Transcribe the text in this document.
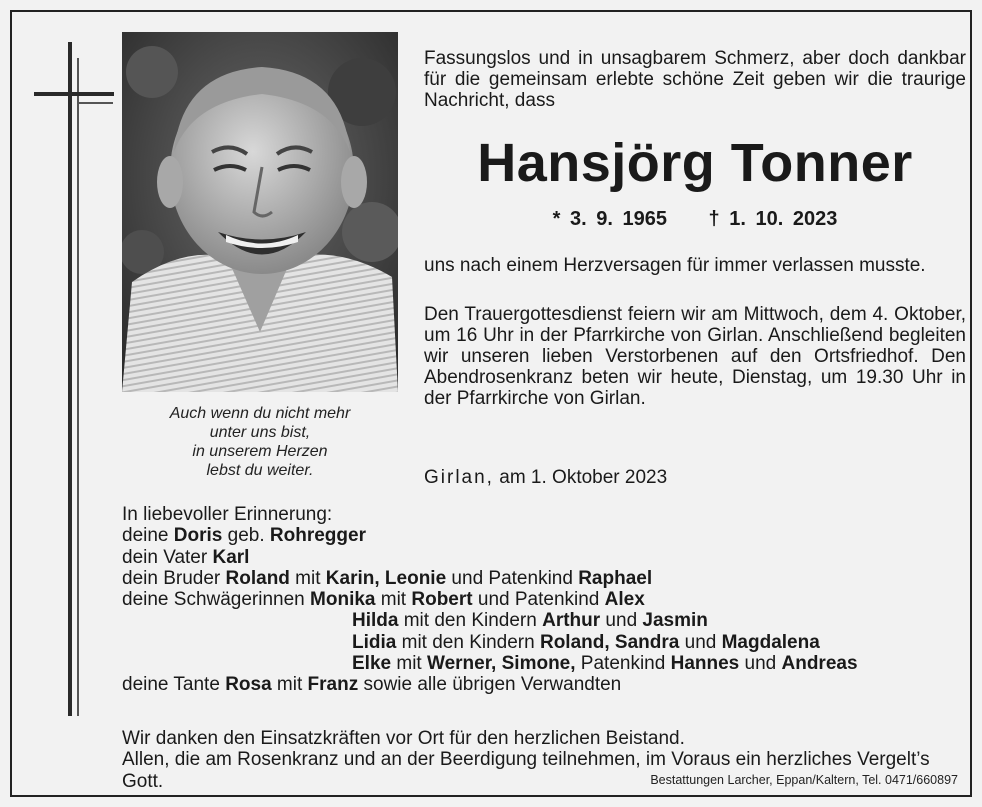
Auch wenn du nicht mehr
unter uns bist,
in unserem Herzen
lebst du weiter.
Fassungslos und in unsagbarem Schmerz, aber doch dankbar für die gemeinsam erlebte schöne Zeit geben wir die traurige Nachricht, dass
Hansjörg Tonner
* 3. 9. 1965 † 1. 10. 2023
uns nach einem Herzversagen für immer verlassen musste.
Den Trauergottesdienst feiern wir am Mittwoch, dem 4. Oktober, um 16 Uhr in der Pfarrkirche von Girlan. Anschließend begleiten wir unseren lieben Verstorbenen auf den Ortsfriedhof. Den Abendrosenkranz beten wir heute, Dienstag, um 19.30 Uhr in der Pfarrkirche von Girlan.
Girlan, am 1. Oktober 2023
In liebevoller Erinnerung:
deine Doris geb. Rohregger
dein Vater Karl
dein Bruder Roland mit Karin, Leonie und Patenkind Raphael
deine Schwägerinnen Monika mit Robert und Patenkind Alex
Hilda mit den Kindern Arthur und Jasmin
Lidia mit den Kindern Roland, Sandra und Magdalena
Elke mit Werner, Simone, Patenkind Hannes und Andreas
deine Tante Rosa mit Franz sowie alle übrigen Verwandten
Wir danken den Einsatzkräften vor Ort für den herzlichen Beistand.
Allen, die am Rosenkranz und an der Beerdigung teilnehmen, im Voraus ein herzliches Vergelt’s Gott.	Bestattungen Larcher, Eppan/Kaltern, Tel. 0471/660897
